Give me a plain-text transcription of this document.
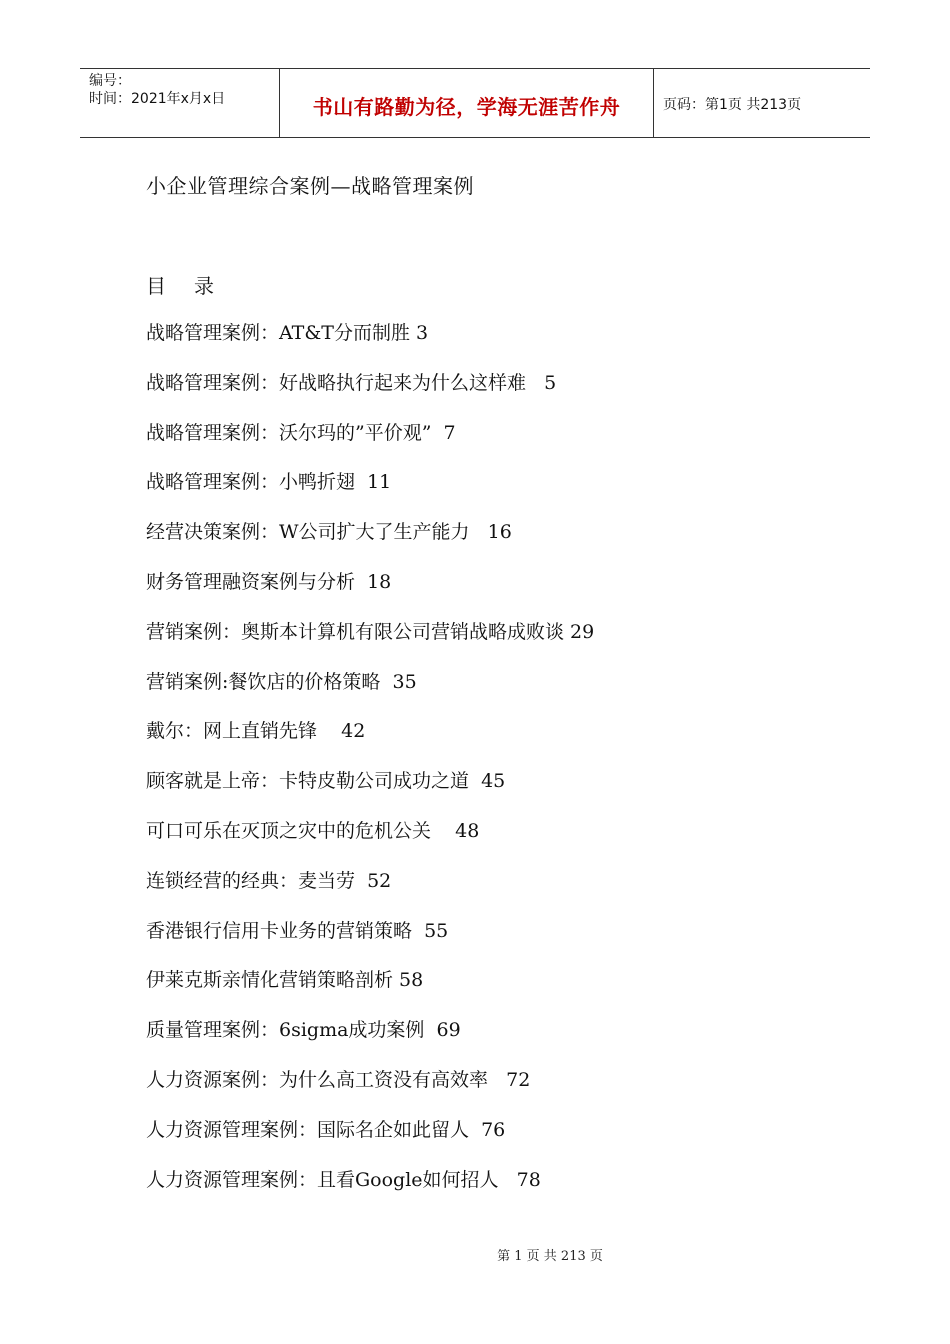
编号：
时间：2021年x月x日	书山有路勤为径，学海无涯苦作舟	页码：第1页 共213页
小企业管理综合案例—战略管理案例
目 录
战略管理案例：AT&T分而制胜 3
战略管理案例：好战略执行起来为什么这样难   5
战略管理案例：沃尔玛的”平价观”  7
战略管理案例：小鸭折翅  11
经营决策案例：W公司扩大了生产能力   16
财务管理融资案例与分析  18
营销案例：奥斯本计算机有限公司营销战略成败谈 29
营销案例:餐饮店的价格策略  35
戴尔：网上直销先锋    42
顾客就是上帝：卡特皮勒公司成功之道  45
可口可乐在灭顶之灾中的危机公关    48
连锁经营的经典：麦当劳  52
香港银行信用卡业务的营销策略  55
伊莱克斯亲情化营销策略剖析 58
质量管理案例：6sigma成功案例  69
人力资源案例：为什么高工资没有高效率   72
人力资源管理案例：国际名企如此留人  76
人力资源管理案例：且看Google如何招人   78
第 1 页 共 213 页
